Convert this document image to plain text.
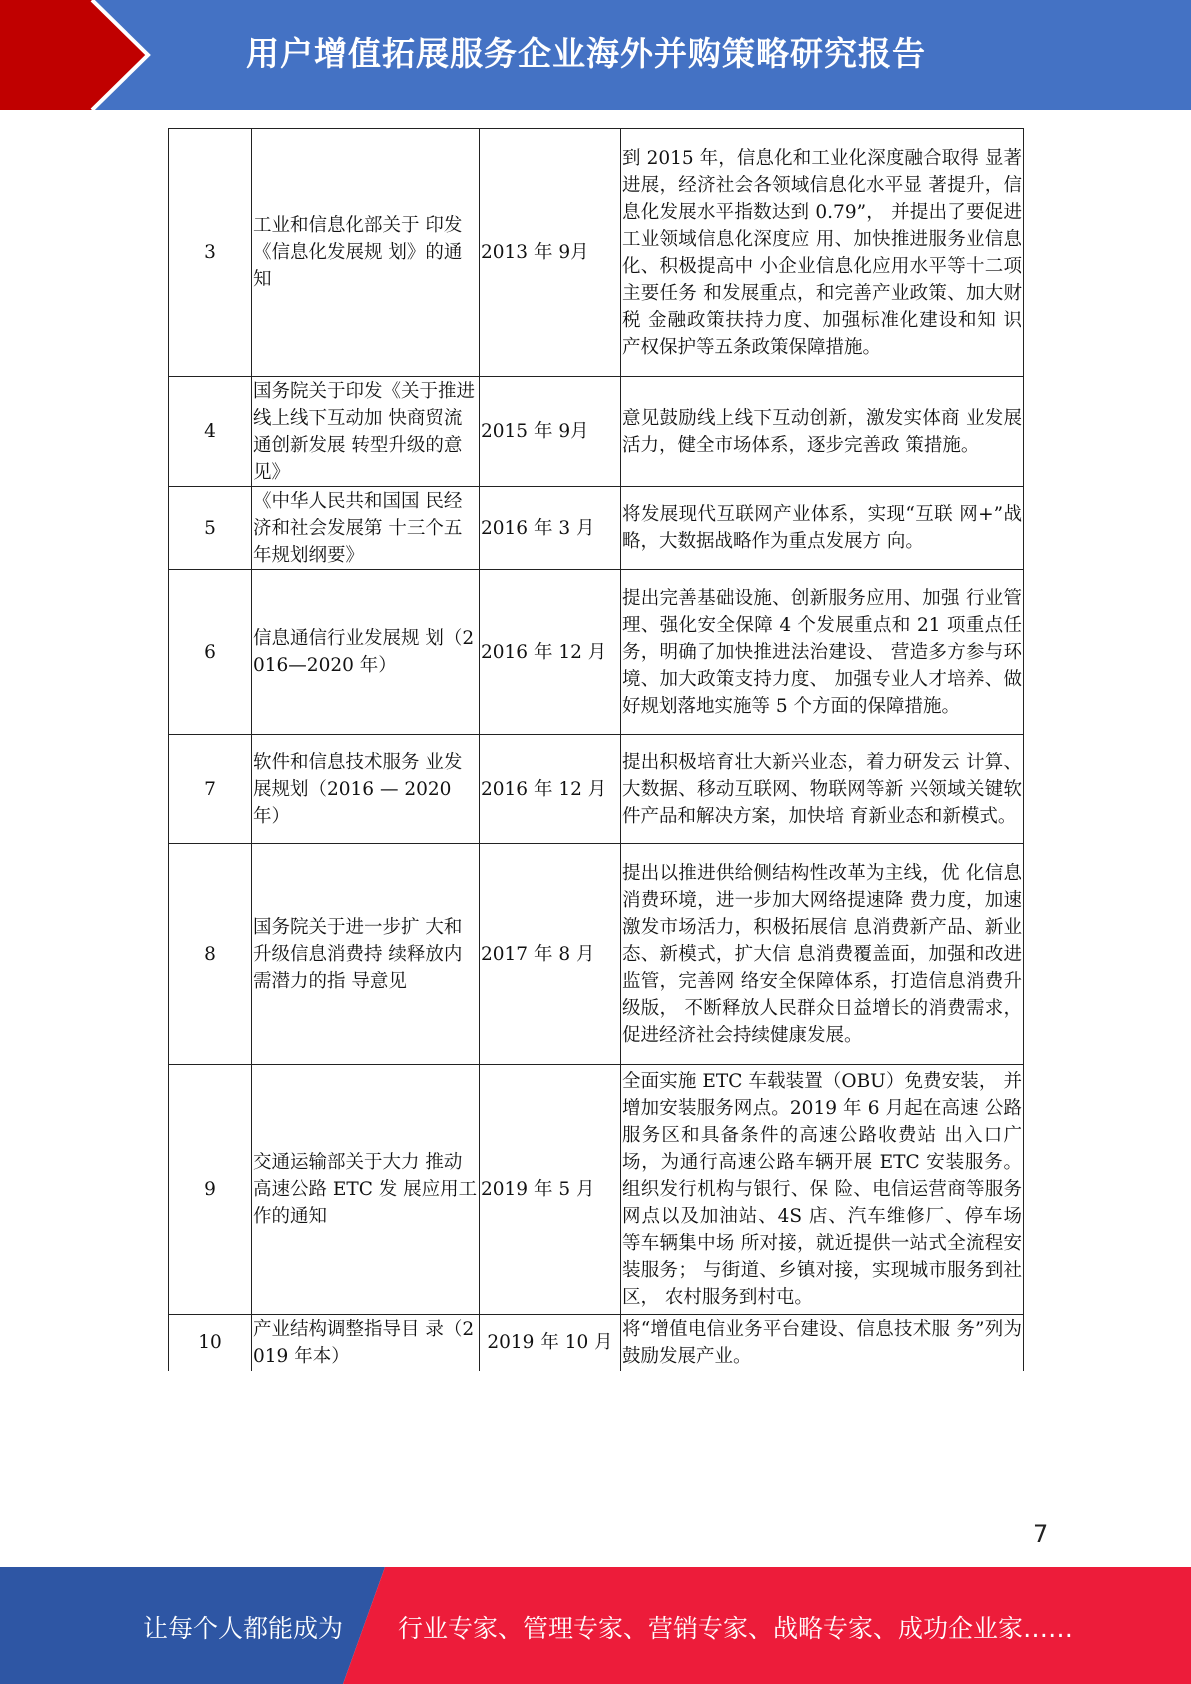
用户增值拓展服务企业海外并购策略研究报告
3	工业和信息化部关于 印发《信息化发展规 划》的通知	2013 年 9月	到 2015 年，信息化和工业化深度融合取得 显著进展，经济社会各领域信息化水平显 著提升，信息化发展水平指数达到 0.79”， 并提出了要促进工业领域信息化深度应 用、加快推进服务业信息化、积极提高中 小企业信息化应用水平等十二项主要任务 和发展重点，和完善产业政策、加大财税 金融政策扶持力度、加强标准化建设和知 识产权保护等五条政策保障措施。
4	国务院关于印发《关于推进线上线下互动加 快商贸流通创新发展 转型升级的意见》	2015 年 9月	意见鼓励线上线下互动创新，激发实体商 业发展活力，健全市场体系，逐步完善政 策措施。
5	《中华人民共和国国 民经济和社会发展第 十三个五年规划纲要》	2016 年 3 月	将发展现代互联网产业体系，实现“互联 网+”战略，大数据战略作为重点发展方 向。
6	信息通信行业发展规 划（2016—2020 年）	2016 年 12 月	提出完善基础设施、创新服务应用、加强 行业管理、强化安全保障 4 个发展重点和 21 项重点任务，明确了加快推进法治建设、 营造多方参与环境、加大政策支持力度、 加强专业人才培养、做好规划落地实施等 5 个方面的保障措施。
7	软件和信息技术服务 业发展规划（2016 — 2020 年）	2016 年 12 月	提出积极培育壮大新兴业态，着力研发云 计算、大数据、移动互联网、物联网等新 兴领域关键软件产品和解决方案，加快培 育新业态和新模式。
8	国务院关于进一步扩 大和升级信息消费持 续释放内需潜力的指 导意见	2017 年 8 月	提出以推进供给侧结构性改革为主线，优 化信息消费环境，进一步加大网络提速降 费力度，加速激发市场活力，积极拓展信 息消费新产品、新业态、新模式，扩大信 息消费覆盖面，加强和改进监管，完善网 络安全保障体系，打造信息消费升级版， 不断释放人民群众日益增长的消费需求， 促进经济社会持续健康发展。
9	交通运输部关于大力 推动高速公路 ETC 发 展应用工作的通知	2019 年 5 月	全面实施 ETC 车载装置（OBU）免费安装， 并增加安装服务网点。2019 年 6 月起在高速 公路服务区和具备条件的高速公路收费站 出入口广场，为通行高速公路车辆开展 ETC 安装服务。组织发行机构与银行、保 险、电信运营商等服务网点以及加油站、4S 店、汽车维修厂、停车场等车辆集中场 所对接，就近提供一站式全流程安装服务； 与街道、乡镇对接，实现城市服务到社区， 农村服务到村屯。
10	产业结构调整指导目 录（2019 年本）	2019 年 10 月	将“增值电信业务平台建设、信息技术服 务”列为鼓励发展产业。
7
让每个人都能成为 行业专家、管理专家、营销专家、战略专家、成功企业家……
